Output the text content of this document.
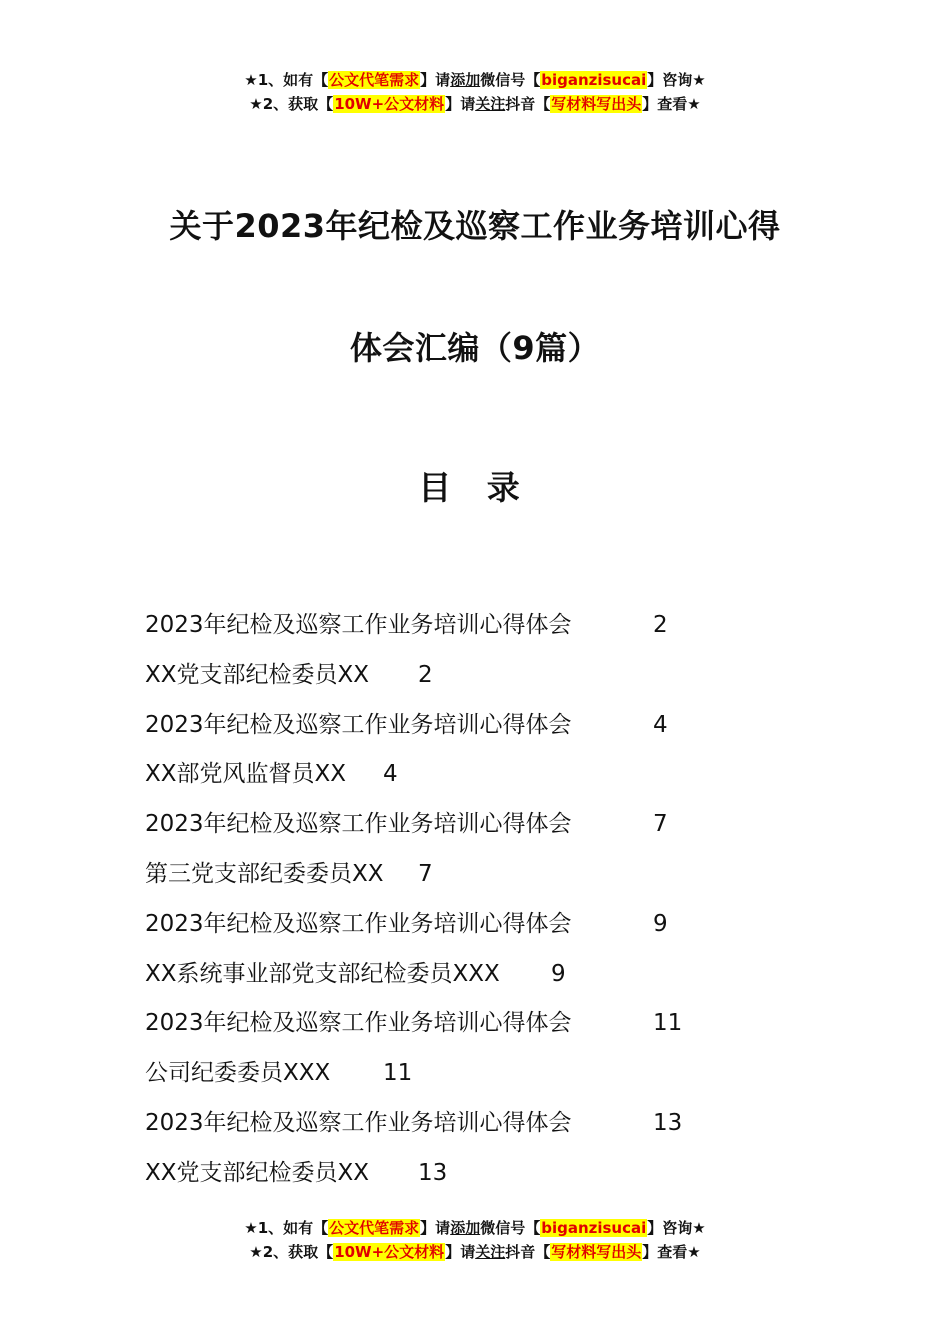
★1、如有【公文代笔需求】请添加微信号【biganzisucai】咨询★
★2、获取【10W+公文材料】请关注抖音【写材料写出头】查看★
关于2023年纪检及巡察工作业务培训心得
体会汇编（9篇）
目 录
2023年纪检及巡察工作业务培训心得体会	2
XX党支部纪检委员XX 2
2023年纪检及巡察工作业务培训心得体会	4
XX部党风监督员XX 4
2023年纪检及巡察工作业务培训心得体会	7
第三党支部纪委委员XX 7
2023年纪检及巡察工作业务培训心得体会	9
XX系统事业部党支部纪检委员XXX 9
2023年纪检及巡察工作业务培训心得体会	11
公司纪委委员XXX 11
2023年纪检及巡察工作业务培训心得体会	13
XX党支部纪检委员XX 13
★1、如有【公文代笔需求】请添加微信号【biganzisucai】咨询★
★2、获取【10W+公文材料】请关注抖音【写材料写出头】查看★
